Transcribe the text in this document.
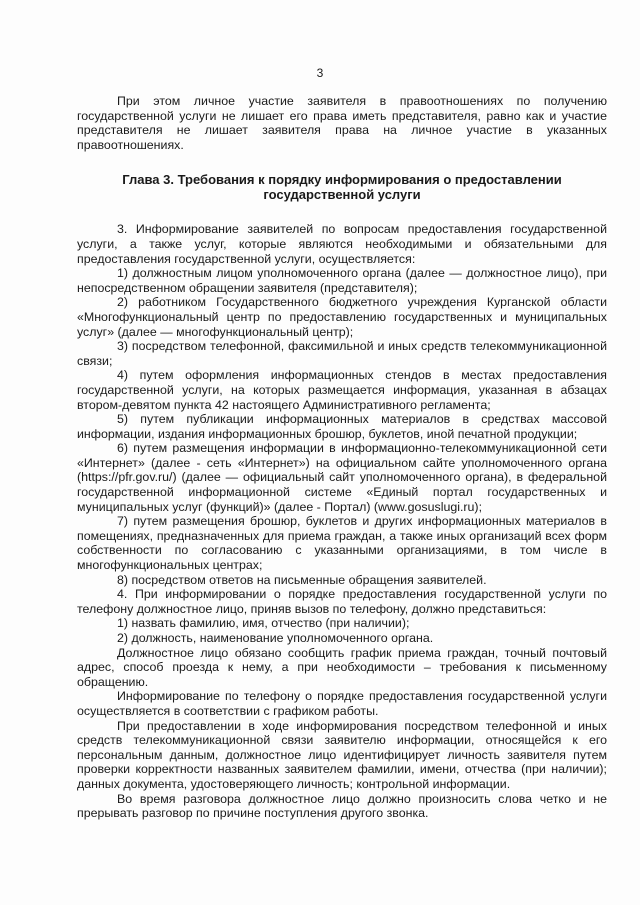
3

При этом личное участие заявителя в правоотношениях по получению государственной услуги не лишает его права иметь представителя, равно как и участие представителя не лишает заявителя права на личное участие в указанных правоотношениях.

Глава 3. Требования к порядку информирования о предоставлении государственной услуги

3. Информирование заявителей по вопросам предоставления государственной услуги, а также услуг, которые являются необходимыми и обязательными для предоставления государственной услуги, осуществляется:

1) должностным лицом уполномоченного органа (далее — должностное лицо), при непосредственном обращении заявителя (представителя);

2) работником Государственного бюджетного учреждения Курганской области «Многофункциональный центр по предоставлению государственных и муниципальных услуг» (далее — многофункциональный центр);

3) посредством телефонной, факсимильной и иных средств телекоммуникационной связи;

4) путем оформления информационных стендов в местах предоставления государственной услуги, на которых размещается информация, указанная в абзацах втором-девятом пункта 42 настоящего Административного регламента;

5) путем публикации информационных материалов в средствах массовой информации, издания информационных брошюр, буклетов, иной печатной продукции;

6) путем размещения информации в информационно-телекоммуникационной сети «Интернет» (далее - сеть «Интернет») на официальном сайте уполномоченного органа (https://pfr.gov.ru/) (далее — официальный сайт уполномоченного органа), в федеральной государственной информационной системе «Единый портал государственных и муниципальных услуг (функций)» (далее - Портал) (www.gosuslugi.ru);

7) путем размещения брошюр, буклетов и других информационных материалов в помещениях, предназначенных для приема граждан, а также иных организаций всех форм собственности по согласованию с указанными организациями, в том числе в многофункциональных центрах;

8) посредством ответов на письменные обращения заявителей.

4. При информировании о порядке предоставления государственной услуги по телефону должностное лицо, приняв вызов по телефону, должно представиться:

1) назвать фамилию, имя, отчество (при наличии);

2) должность, наименование уполномоченного органа.

Должностное лицо обязано сообщить график приема граждан, точный почтовый адрес, способ проезда к нему, а при необходимости – требования к письменному обращению.

Информирование по телефону о порядке предоставления государственной услуги осуществляется в соответствии с графиком работы.

При предоставлении в ходе информирования посредством телефонной и иных средств телекоммуникационной связи заявителю информации, относящейся к его персональным данным, должностное лицо идентифицирует личность заявителя путем проверки корректности названных заявителем фамилии, имени, отчества (при наличии); данных документа, удостоверяющего личность; контрольной информации.

Во время разговора должностное лицо должно произносить слова четко и не прерывать разговор по причине поступления другого звонка.
